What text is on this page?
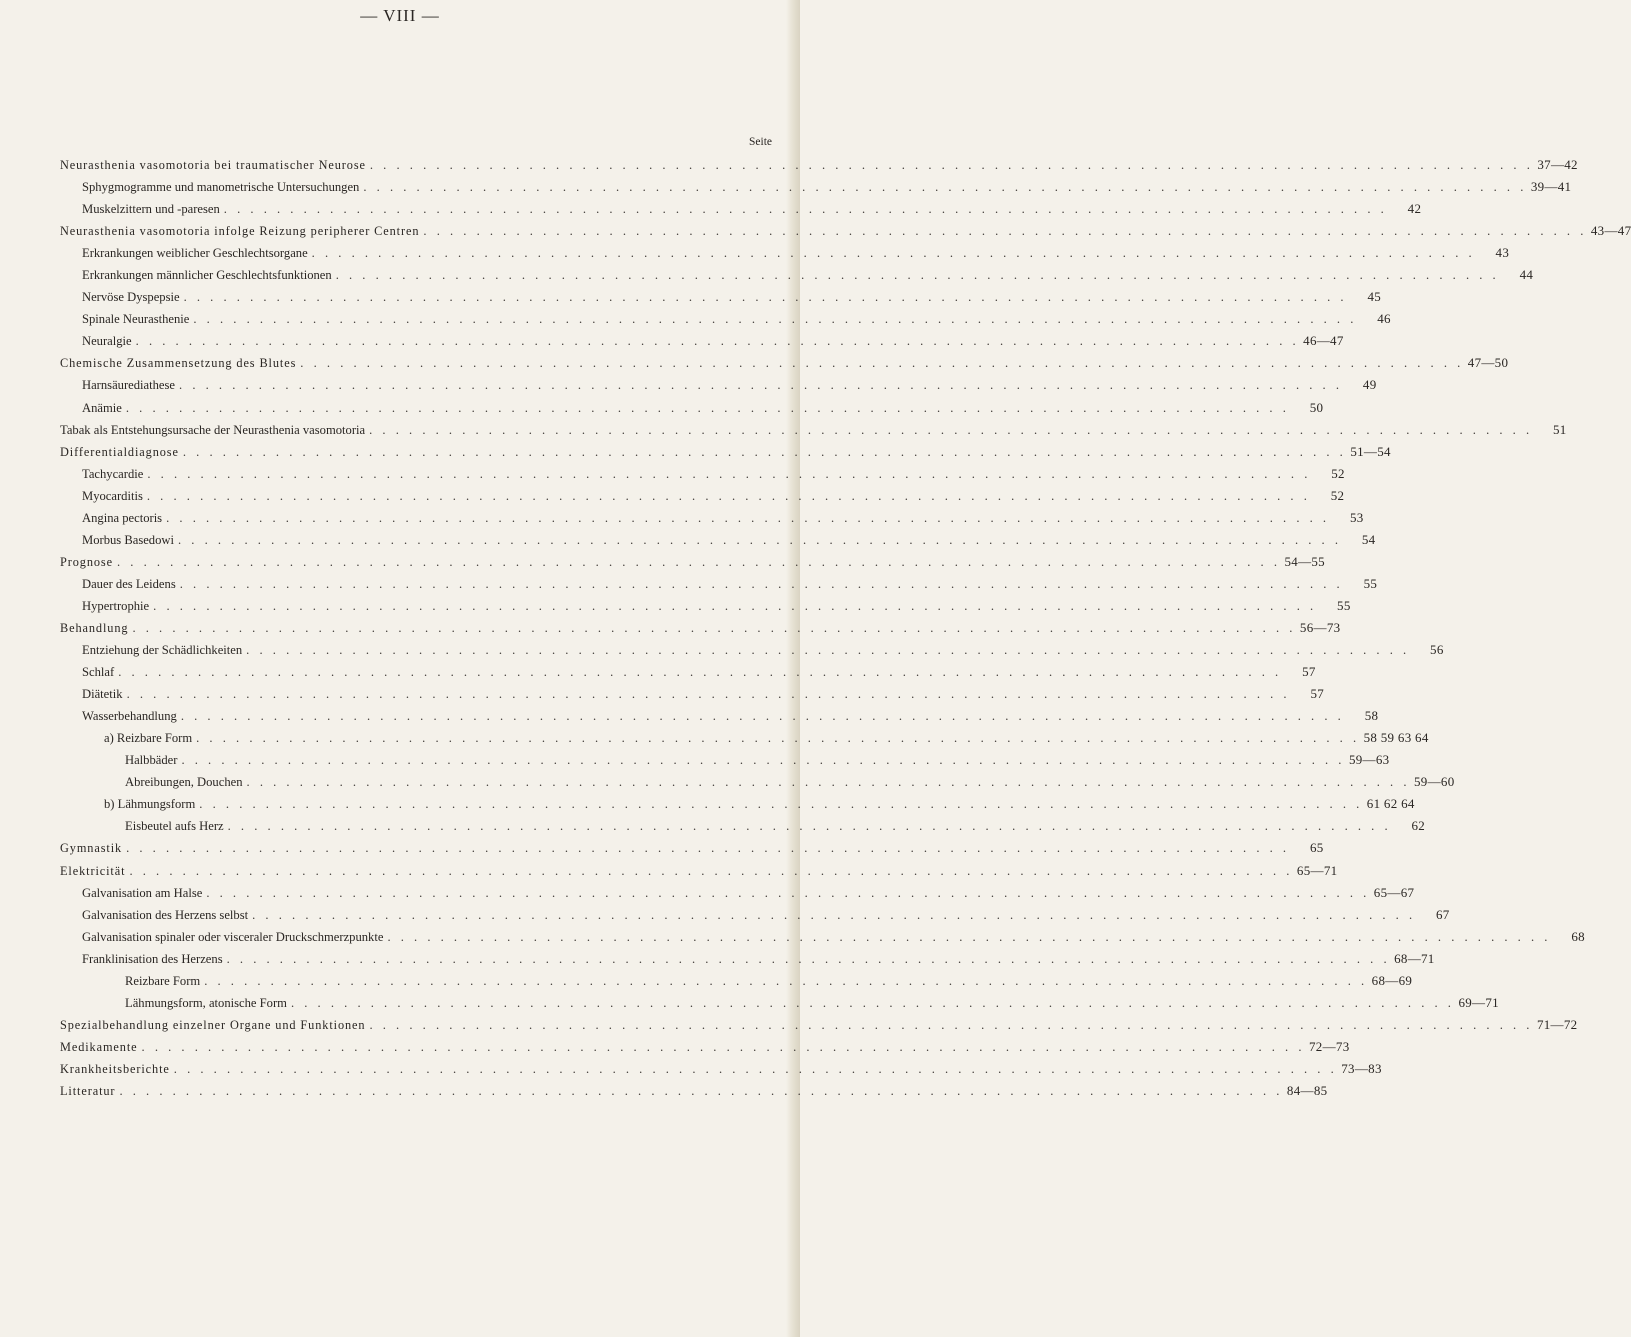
— VIII —
Seite
Neurasthenia vasomotoria bei traumatischer Neurose . . .	37—42
Sphygmogramme und manometrische Untersuchungen . . .	39—41
Muskelzittern und -paresen . . .	42
Neurasthenia vasomotoria infolge Reizung peripherer Centren . . .	43—47
Erkrankungen weiblicher Geschlechtsorgane . . .	43
Erkrankungen männlicher Geschlechtsfunktionen . . .	44
Nervöse Dyspepsie . . .	45
Spinale Neurasthenie . . .	46
Neuralgie . . .	46—47
Chemische Zusammensetzung des Blutes . . .	47—50
Harnsäurediathese . . .	49
Anämie . . .	50
Tabak als Entstehungsursache der Neurasthenia vasomotoria . . .	51
Differentialdiagnose . . .	51—54
Tachycardie . . .	52
Myocarditis . . .	52
Angina pectoris . . .	53
Morbus Basedowi . . .	54
Prognose . . .	54—55
Dauer des Leidens . . .	55
Hypertrophie . . .	55
Behandlung . . .	56—73
Entziehung der Schädlichkeiten . . .	56
Schlaf . . .	57
Diätetik . . .	57
Wasserbehandlung . . .	58
a) Reizbare Form . . .	58 59 63 64
Halbbäder . . .	59—63
Abreibungen, Douchen . . .	59—60
b) Lähmungsform . . .	61 62 64
Eisbeutel aufs Herz . . .	62
Gymnastik . . .	65
Elektricität . . .	65—71
Galvanisation am Halse . . .	65—67
Galvanisation des Herzens selbst . . .	67
Galvanisation spinaler oder visceraler Druckschmerzpunkte . . .	68
Franklinisation des Herzens . . .	68—71
Reizbare Form . . .	68—69
Lähmungsform, atonische Form . . .	69—71
Spezialbehandlung einzelner Organe und Funktionen . . .	71—72
Medikamente . . .	72—73
Krankheitsberichte . . .	73—83
Litteratur . . .	84—85
